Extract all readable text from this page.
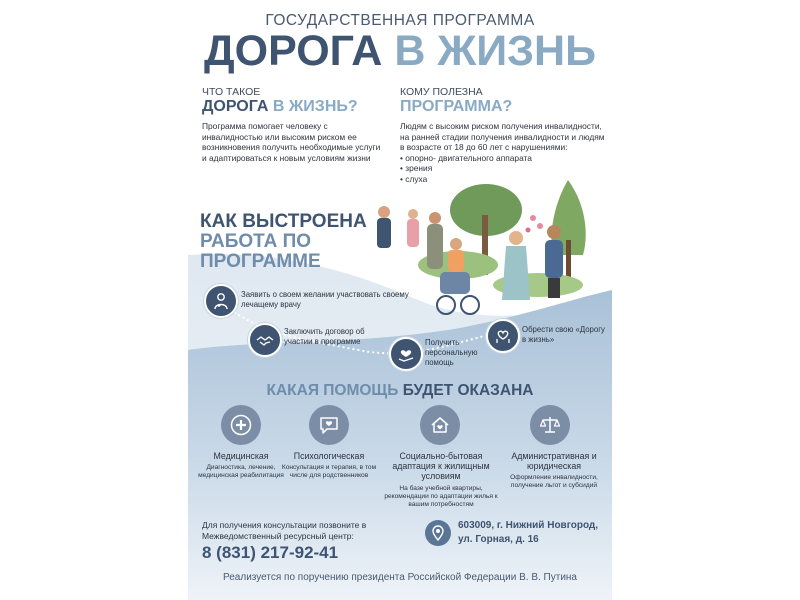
ГОСУДАРСТВЕННАЯ ПРОГРАММА
ДОРОГА В ЖИЗНЬ
ЧТО ТАКОЕ
ДОРОГА В ЖИЗНЬ?
Программа помогает человеку с инвалидностью или высоким риском ее возникновения получить необходимые услуги и адаптироваться к новым условиям жизни
КОМУ ПОЛЕЗНА
ПРОГРАММА?
Людям с высоким риском получения инвалидности, на ранней стадии получения инвалидности и людям в возрасте от 18 до 60 лет с нарушениями:
• опорно- двигательного аппарата
• зрения
• слуха
КАК ВЫСТРОЕНА
РАБОТА ПО
ПРОГРАММЕ
Заявить о своем желании участвовать своему лечащему врачу
Заключить договор об участии в программе	Получить персональную помощь
Обрести свою «Дорогу в жизнь»
КАКАЯ ПОМОЩЬ БУДЕТ ОКАЗАНА
Медицинская
Диагностика, лечение, медицинская реабилитация
Психологическая
Консультация и терапия, в том числе для родственников
Социально-бытовая адаптация к жилищным условиям
На базе учебной квартиры, рекомендации по адаптации жилья к вашим потребностям
Административная и юридическая
Оформление инвалидности, получение льгот и субсидий
Для получения консультации позвоните в Межведомственный ресурсный центр:
8 (831) 217-92-41
603009, г. Нижний Новгород,
ул. Горная, д. 16
Реализуется по поручению президента Российской Федерации В. В. Путина
